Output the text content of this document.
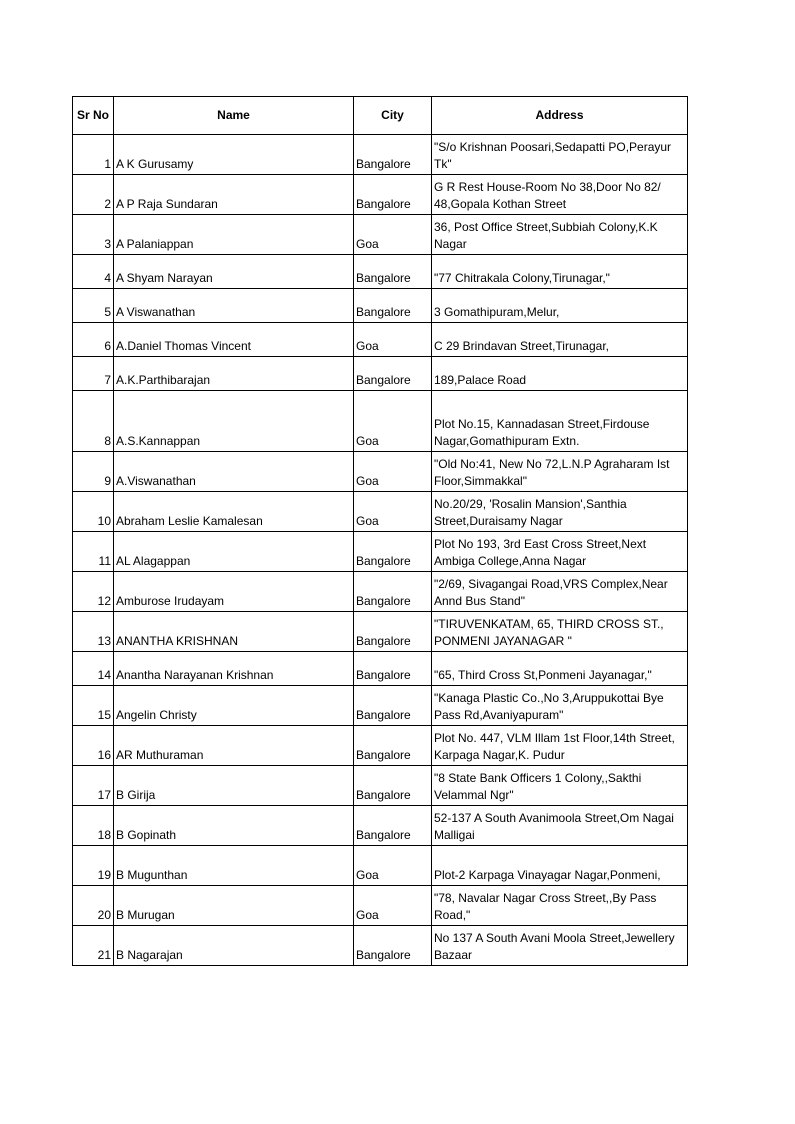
Sr No	Name	City	Address
1	A K Gurusamy	Bangalore	"S/o Krishnan Poosari,Sedapatti PO,Perayur Tk"
2	A P Raja Sundaran	Bangalore	G R Rest House-Room No 38,Door No 82/ 48,Gopala Kothan Street
3	A Palaniappan	Goa	36, Post Office Street,Subbiah Colony,K.K Nagar
4	A Shyam Narayan	Bangalore	"77 Chitrakala Colony,Tirunagar,"
5	A Viswanathan	Bangalore	3 Gomathipuram,Melur,
6	A.Daniel Thomas Vincent	Goa	C 29 Brindavan Street,Tirunagar,
7	A.K.Parthibarajan	Bangalore	189,Palace Road
8	A.S.Kannappan	Goa	Plot No.15, Kannadasan Street,Firdouse Nagar,Gomathipuram Extn.
9	A.Viswanathan	Goa	"Old No:41, New No 72,L.N.P Agraharam Ist Floor,Simmakkal"
10	Abraham Leslie Kamalesan	Goa	No.20/29, 'Rosalin Mansion',Santhia Street,Duraisamy Nagar
11	AL Alagappan	Bangalore	Plot No 193, 3rd East Cross Street,Next Ambiga College,Anna Nagar
12	Amburose Irudayam	Bangalore	"2/69, Sivagangai Road,VRS Complex,Near Annd Bus Stand"
13	ANANTHA KRISHNAN	Bangalore	"TIRUVENKATAM, 65, THIRD CROSS ST., PONMENI JAYANAGAR "
14	Anantha Narayanan Krishnan	Bangalore	"65, Third Cross St,Ponmeni Jayanagar,"
15	Angelin Christy	Bangalore	"Kanaga Plastic Co.,No 3,Aruppukottai Bye Pass Rd,Avaniyapuram"
16	AR Muthuraman	Bangalore	Plot No. 447, VLM Illam 1st Floor,14th Street, Karpaga Nagar,K. Pudur
17	B Girija	Bangalore	"8 State Bank Officers 1 Colony,,Sakthi Velammal Ngr"
18	B Gopinath	Bangalore	52-137 A South Avanimoola Street,Om Nagai Malligai
19	B Mugunthan	Goa	Plot-2 Karpaga Vinayagar Nagar,Ponmeni,
20	B Murugan	Goa	"78, Navalar Nagar Cross Street,,By Pass Road,"
21	B Nagarajan	Bangalore	No 137 A South Avani Moola Street,Jewellery Bazaar
